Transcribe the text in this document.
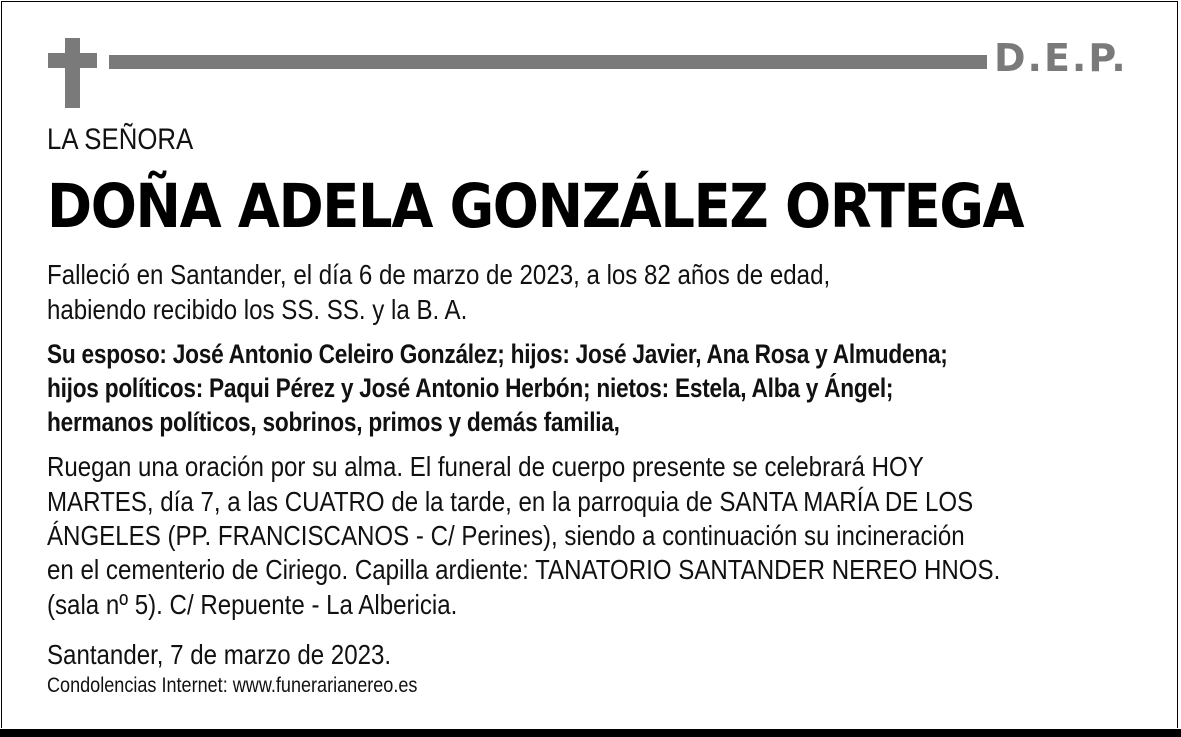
D.E.P.
LA SEÑORA
DOÑA ADELA GONZÁLEZ ORTEGA
Falleció en Santander, el día 6 de marzo de 2023, a los 82 años de edad,
habiendo recibido los SS. SS. y la B. A.
Su esposo: José Antonio Celeiro González; hijos: José Javier, Ana Rosa y Almudena;
hijos políticos: Paqui Pérez y José Antonio Herbón; nietos: Estela, Alba y Ángel;
hermanos políticos, sobrinos, primos y demás familia,
Ruegan una oración por su alma. El funeral de cuerpo presente se celebrará HOY
MARTES, día 7, a las CUATRO de la tarde, en la parroquia de SANTA MARÍA DE LOS
ÁNGELES (PP. FRANCISCANOS - C/ Perines), siendo a continuación su incineración
en el cementerio de Ciriego. Capilla ardiente: TANATORIO SANTANDER NEREO HNOS.
(sala nº 5). C/ Repuente - La Albericia.
Santander, 7 de marzo de 2023.
Condolencias Internet: www.funerarianereo.es
